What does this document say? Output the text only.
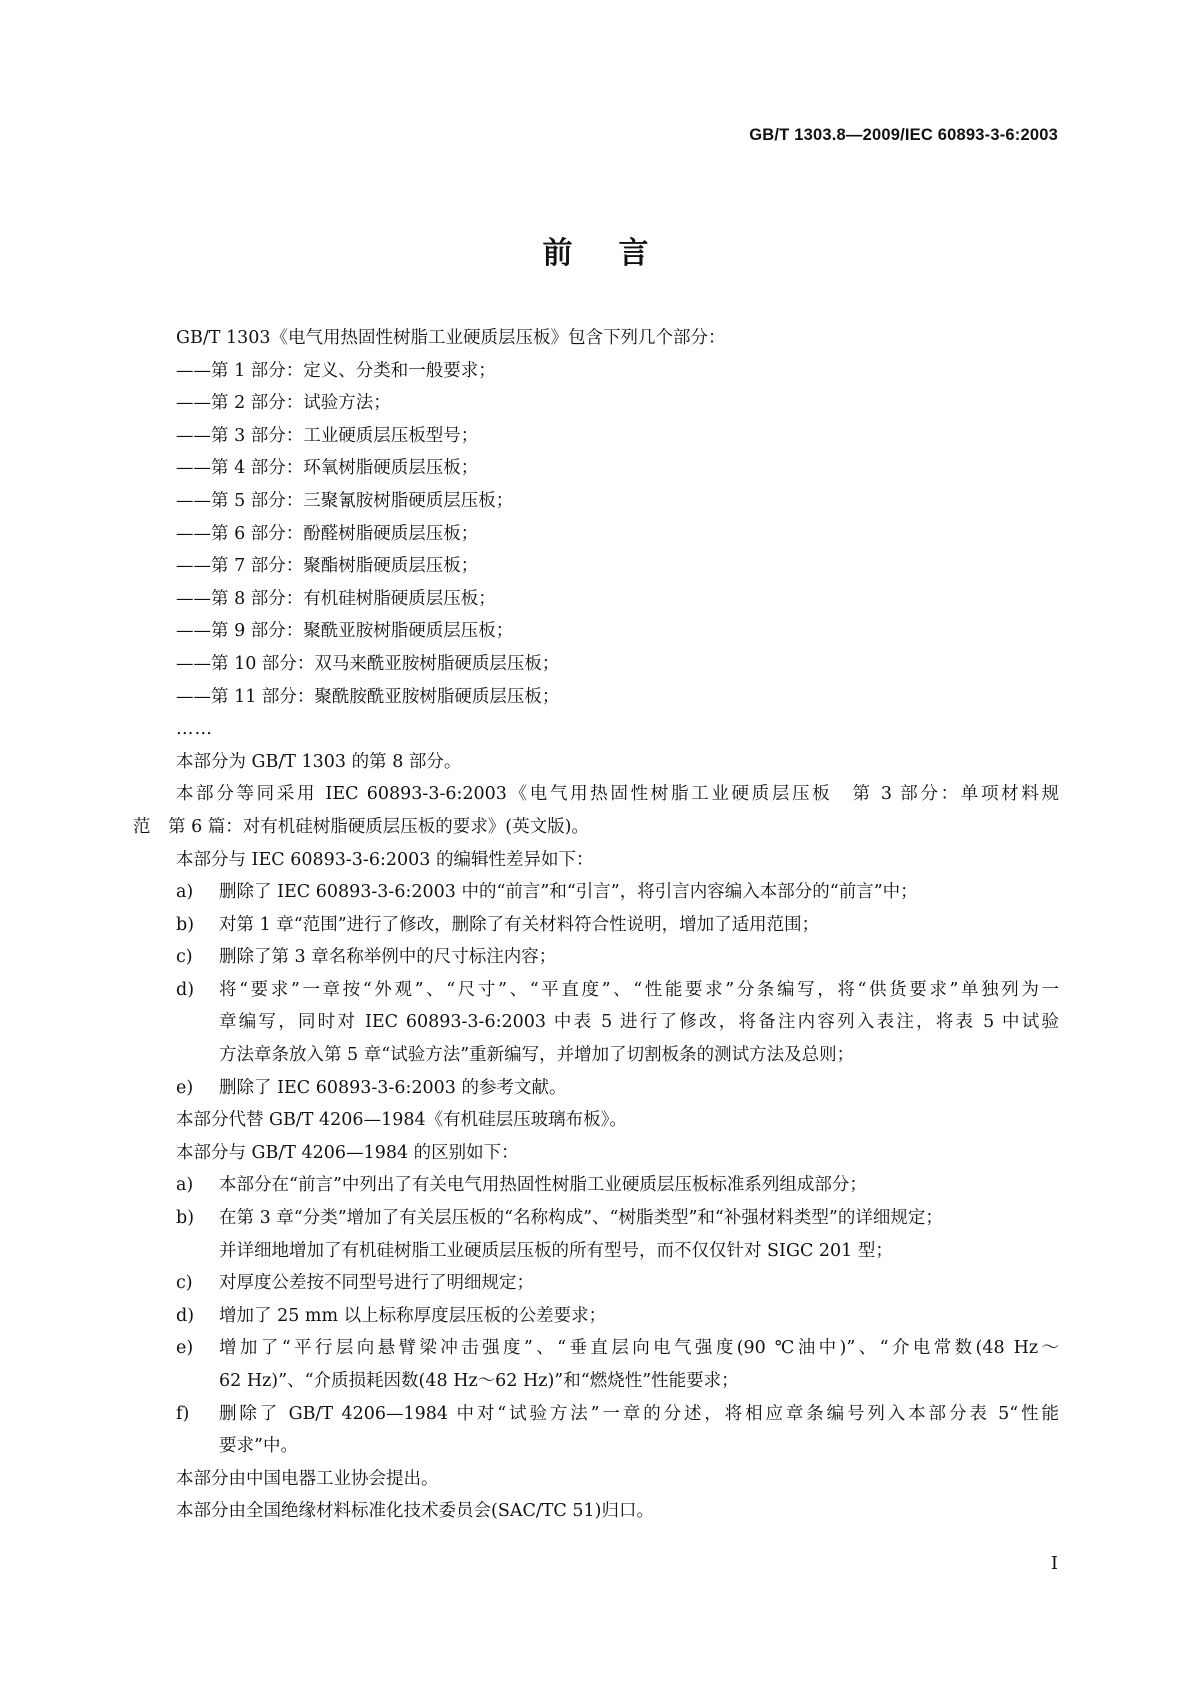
GB/T 1303.8—2009/IEC 60893-3-6:2003
前言
GB/T 1303《电气用热固性树脂工业硬质层压板》包含下列几个部分：
——第 1 部分：定义、分类和一般要求；
——第 2 部分：试验方法；
——第 3 部分：工业硬质层压板型号；
——第 4 部分：环氧树脂硬质层压板；
——第 5 部分：三聚氰胺树脂硬质层压板；
——第 6 部分：酚醛树脂硬质层压板；
——第 7 部分：聚酯树脂硬质层压板；
——第 8 部分：有机硅树脂硬质层压板；
——第 9 部分：聚酰亚胺树脂硬质层压板；
——第 10 部分：双马来酰亚胺树脂硬质层压板；
——第 11 部分：聚酰胺酰亚胺树脂硬质层压板；
……
本部分为 GB/T 1303 的第 8 部分。
本部分等同采用 IEC 60893-3-6:2003《电气用热固性树脂工业硬质层压板　第 3 部分：单项材料规
范　第 6 篇：对有机硅树脂硬质层压板的要求》(英文版)。
本部分与 IEC 60893-3-6:2003 的编辑性差异如下：
a) 删除了 IEC 60893-3-6:2003 中的“前言”和“引言”，将引言内容编入本部分的“前言”中；
b) 对第 1 章“范围”进行了修改，删除了有关材料符合性说明，增加了适用范围；
c) 删除了第 3 章名称举例中的尺寸标注内容；
d) 将“要求”一章按“外观”、“尺寸”、“平直度”、“性能要求”分条编写，将“供货要求”单独列为一
章编写，同时对 IEC 60893-3-6:2003 中表 5 进行了修改，将备注内容列入表注，将表 5 中试验
方法章条放入第 5 章“试验方法”重新编写，并增加了切割板条的测试方法及总则；
e) 删除了 IEC 60893-3-6:2003 的参考文献。
本部分代替 GB/T 4206—1984《有机硅层压玻璃布板》。
本部分与 GB/T 4206—1984 的区别如下：
a) 本部分在“前言”中列出了有关电气用热固性树脂工业硬质层压板标准系列组成部分；
b) 在第 3 章“分类”增加了有关层压板的“名称构成”、“树脂类型”和“补强材料类型”的详细规定；
并详细地增加了有机硅树脂工业硬质层压板的所有型号，而不仅仅针对 SIGC 201 型；
c) 对厚度公差按不同型号进行了明细规定；
d) 增加了 25 mm 以上标称厚度层压板的公差要求；
e) 增加了“平行层向悬臂梁冲击强度”、“垂直层向电气强度(90 ℃油中)”、“介电常数(48 Hz～
62 Hz)”、“介质损耗因数(48 Hz～62 Hz)”和“燃烧性”性能要求；
f) 删除了 GB/T 4206—1984 中对“试验方法”一章的分述，将相应章条编号列入本部分表 5“性能
要求”中。
本部分由中国电器工业协会提出。
本部分由全国绝缘材料标准化技术委员会(SAC/TC 51)归口。
I
